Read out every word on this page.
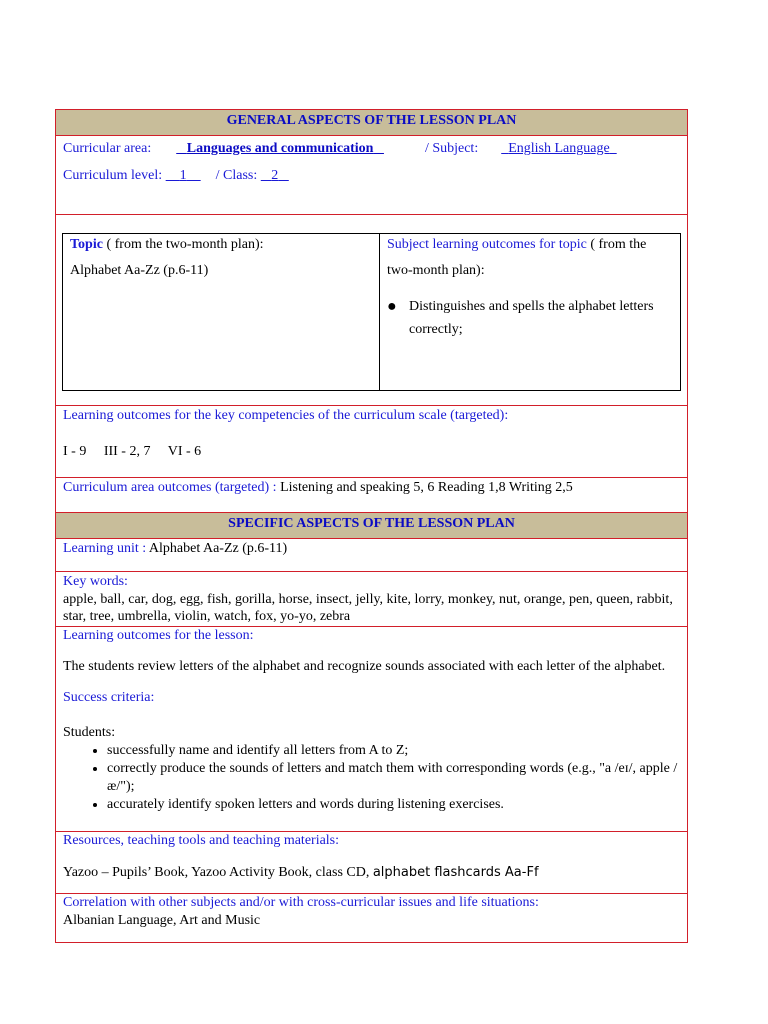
GENERAL ASPECTS OF THE LESSON PLAN
Curricular area:	Languages and communication	/ Subject: English Language
Curriculum level: 1 / Class: 2
Topic ( from the two-month plan):
Alphabet Aa-Zz (p.6-11)
Subject learning outcomes for topic ( from the
two-month plan):
● Distinguishes and spells the alphabet letters correctly;
Learning outcomes for the key competencies of the curriculum scale (targeted):
I - 9     III - 2, 7     VI - 6
Curriculum area outcomes (targeted) : Listening and speaking 5, 6 Reading 1,8 Writing 2,5
SPECIFIC ASPECTS OF THE LESSON PLAN
Learning unit : Alphabet Aa-Zz (p.6-11)
Key words:
apple, ball, car, dog, egg, fish, gorilla, horse, insect, jelly, kite, lorry, monkey, nut, orange, pen, queen, rabbit, star, tree, umbrella, violin, watch, fox, yo-yo, zebra
Learning outcomes for the lesson:
The students review letters of the alphabet and recognize sounds associated with each letter of the alphabet.
Success criteria:
Students:
• successfully name and identify all letters from A to Z;
• correctly produce the sounds of letters and match them with corresponding words (e.g., "a /eɪ/, apple /æ/");
• accurately identify spoken letters and words during listening exercises.
Resources, teaching tools and teaching materials:
Yazoo – Pupils’ Book, Yazoo Activity Book, class CD, alphabet flashcards Aa-Ff
Correlation with other subjects and/or with cross-curricular issues and life situations:
Albanian Language, Art and Music
